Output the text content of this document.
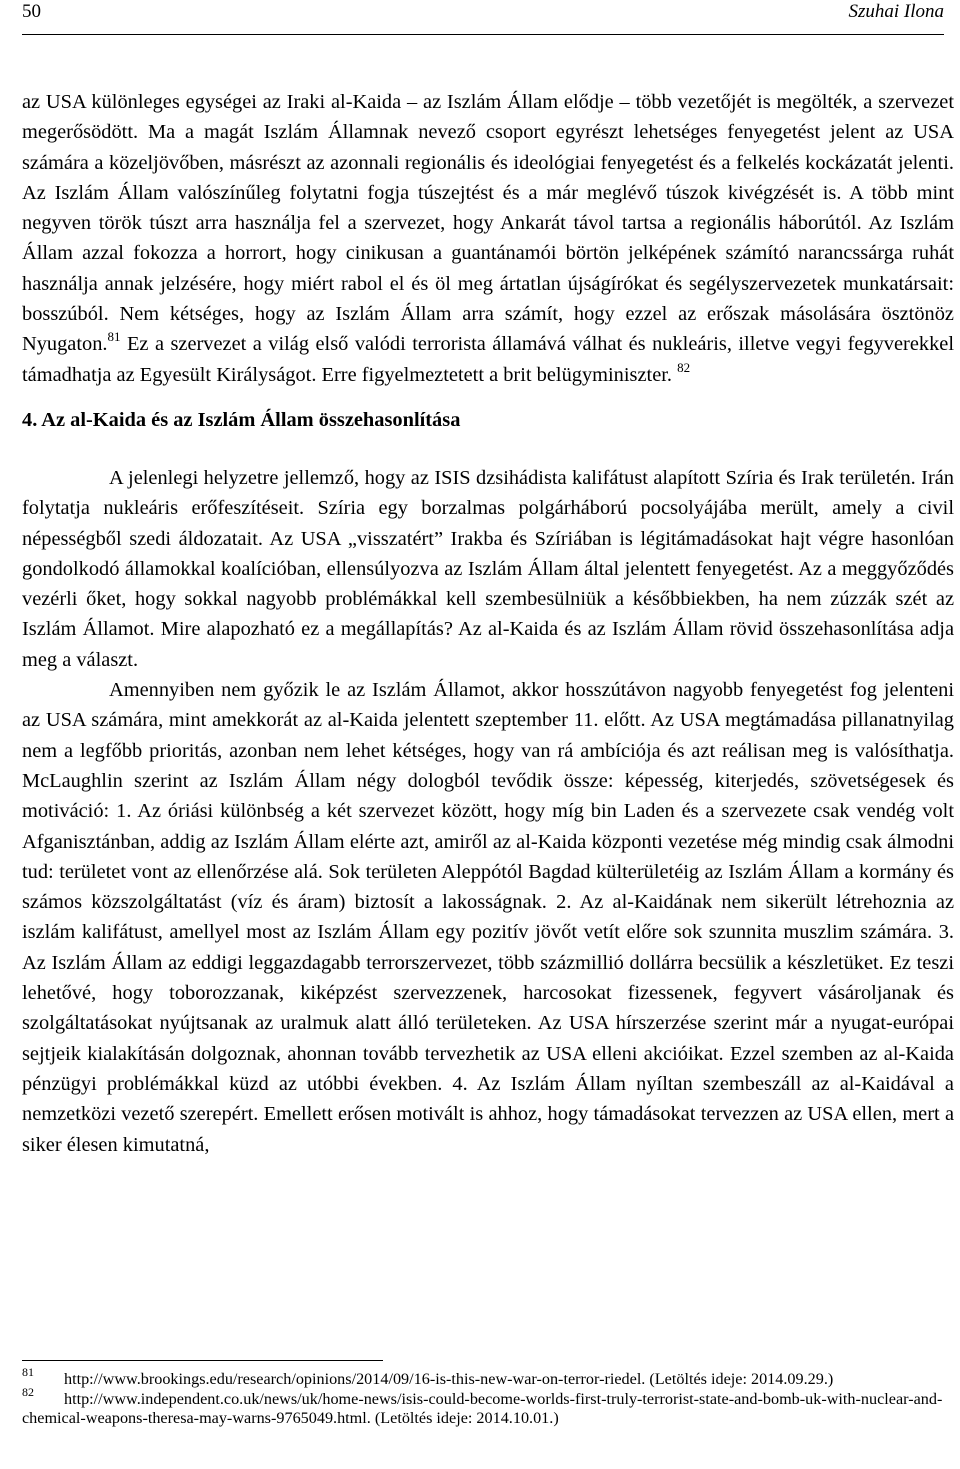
50	Szuhai Ilona

az USA különleges egységei az Iraki al-Kaida – az Iszlám Állam elődje – több vezetőjét is megölték, a szervezet megerősödött. Ma a magát Iszlám Államnak nevező csoport egyrészt lehetséges fenyegetést jelent az USA számára a közeljövőben, másrészt az azonnali regionális és ideológiai fenyegetést és a felkelés kockázatát jelenti. Az Iszlám Állam valószínűleg folytatni fogja túszejtést és a már meglévő túszok kivégzését is. A több mint negyven török túszt arra használja fel a szervezet, hogy Ankarát távol tartsa a regionális háborútól. Az Iszlám Állam azzal fokozza a horrort, hogy cinikusan a guantánamói börtön jelképének számító narancssárga ruhát használja annak jelzésére, hogy miért rabol el és öl meg ártatlan újságírókat és segélyszervezetek munkatársait: bosszúból. Nem kétséges, hogy az Iszlám Állam arra számít, hogy ezzel az erőszak másolására ösztönöz Nyugaton.$^{81}$ Ez a szervezet a világ első valódi terrorista államává válhat és nukleáris, illetve vegyi fegyverekkel támadhatja az Egyesült Királyságot. Erre figyelmeztetett a brit belügyminiszter. $^{82}$

4. Az al-Kaida és az Iszlám Állam összehasonlítása

A jelenlegi helyzetre jellemző, hogy az ISIS dzsihádista kalifátust alapított Szíria és Irak területén. Irán folytatja nukleáris erőfeszítéseit. Szíria egy borzalmas polgárháború pocsolyájába merült, amely a civil népességből szedi áldozatait. Az USA „visszatért” Irakba és Szíriában is légitámadásokat hajt végre hasonlóan gondolkodó államokkal koalícióban, ellensúlyozva az Iszlám Állam által jelentett fenyegetést. Az a meggyőződés vezérli őket, hogy sokkal nagyobb problémákkal kell szembesülniük a későbbiekben, ha nem zúzzák szét az Iszlám Államot. Mire alapozható ez a megállapítás? Az al-Kaida és az Iszlám Állam rövid összehasonlítása adja meg a választ.

Amennyiben nem győzik le az Iszlám Államot, akkor hosszútávon nagyobb fenyegetést fog jelenteni az USA számára, mint amekkorát az al-Kaida jelentett szeptember 11. előtt. Az USA megtámadása pillanatnyilag nem a legfőbb prioritás, azonban nem lehet kétséges, hogy van rá ambíciója és azt reálisan meg is valósíthatja. McLaughlin szerint az Iszlám Állam négy dologból tevődik össze: képesség, kiterjedés, szövetségesek és motiváció: 1. Az óriási különbség a két szervezet között, hogy míg bin Laden és a szervezete csak vendég volt Afganisztánban, addig az Iszlám Állam elérte azt, amiről az al-Kaida központi vezetése még mindig csak álmodni tud: területet vont az ellenőrzése alá. Sok területen Aleppótól Bagdad külterületéig az Iszlám Állam a kormány és számos közszolgáltatást (víz és áram) biztosít a lakosságnak. 2. Az al-Kaidának nem sikerült létrehoznia az iszlám kalifátust, amellyel most az Iszlám Állam egy pozitív jövőt vetít előre sok szunnita muszlim számára. 3. Az Iszlám Állam az eddigi leggazdagabb terrorszervezet, több százmillió dollárra becsülik a készletüket. Ez teszi lehetővé, hogy toborozzanak, kiképzést szervezzenek, harcosokat fizessenek, fegyvert vásároljanak és szolgáltatásokat nyújtsanak az uralmuk alatt álló területeken. Az USA hírszerzése szerint már a nyugat-európai sejtjeik kialakításán dolgoznak, ahonnan tovább tervezhetik az USA elleni akcióikat. Ezzel szemben az al-Kaida pénzügyi problémákkal küzd az utóbbi években. 4. Az Iszlám Állam nyíltan szembeszáll az al-Kaidával a nemzetközi vezető szerepért. Emellett erősen motivált is ahhoz, hogy támadásokat tervezzen az USA ellen, mert a siker élesen kimutatná,

81	http://www.brookings.edu/research/opinions/2014/09/16-is-this-new-war-on-terror-riedel. (Letöltés ideje: 2014.09.29.)
82	http://www.independent.co.uk/news/uk/home-news/isis-could-become-worlds-first-truly-terrorist-state-and-bomb-uk-with-nuclear-and-chemical-weapons-theresa-may-warns-9765049.html. (Letöltés ideje: 2014.10.01.)
